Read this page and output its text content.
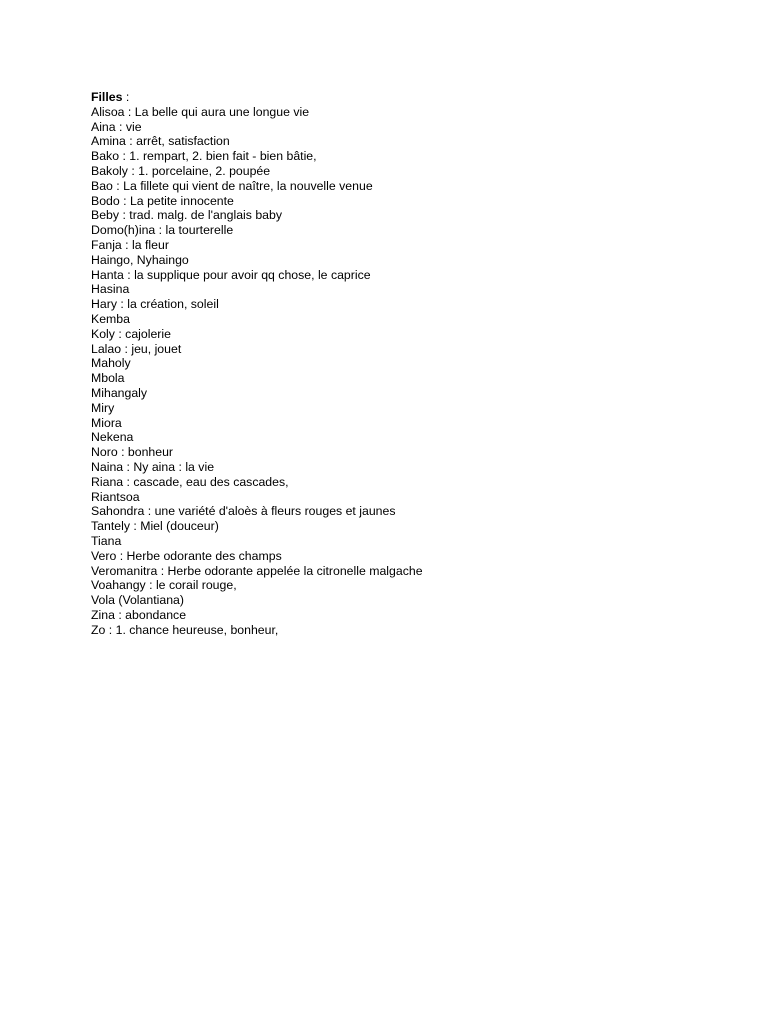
Filles :
Alisoa : La belle qui aura une longue vie
Aina : vie
Amina : arrêt, satisfaction
Bako : 1. rempart, 2. bien fait - bien bâtie,
Bakoly : 1. porcelaine, 2. poupée
Bao : La fillete qui vient de naître, la nouvelle venue
Bodo : La petite innocente
Beby : trad. malg. de l'anglais baby
Domo(h)ina : la tourterelle
Fanja : la fleur
Haingo, Nyhaingo
Hanta : la supplique pour avoir qq chose, le caprice
Hasina
Hary : la création, soleil
Kemba
Koly : cajolerie
Lalao : jeu, jouet
Maholy
Mbola
Mihangaly
Miry
Miora
Nekena
Noro : bonheur
Naina : Ny aina : la vie
Riana : cascade, eau des cascades,
Riantsoa
Sahondra : une variété d'aloès à fleurs rouges et jaunes
Tantely : Miel (douceur)
Tiana
Vero : Herbe odorante des champs
Veromanitra : Herbe odorante appelée la citronelle malgache
Voahangy : le corail rouge,
Vola (Volantiana)
Zina : abondance
Zo : 1. chance heureuse, bonheur,
